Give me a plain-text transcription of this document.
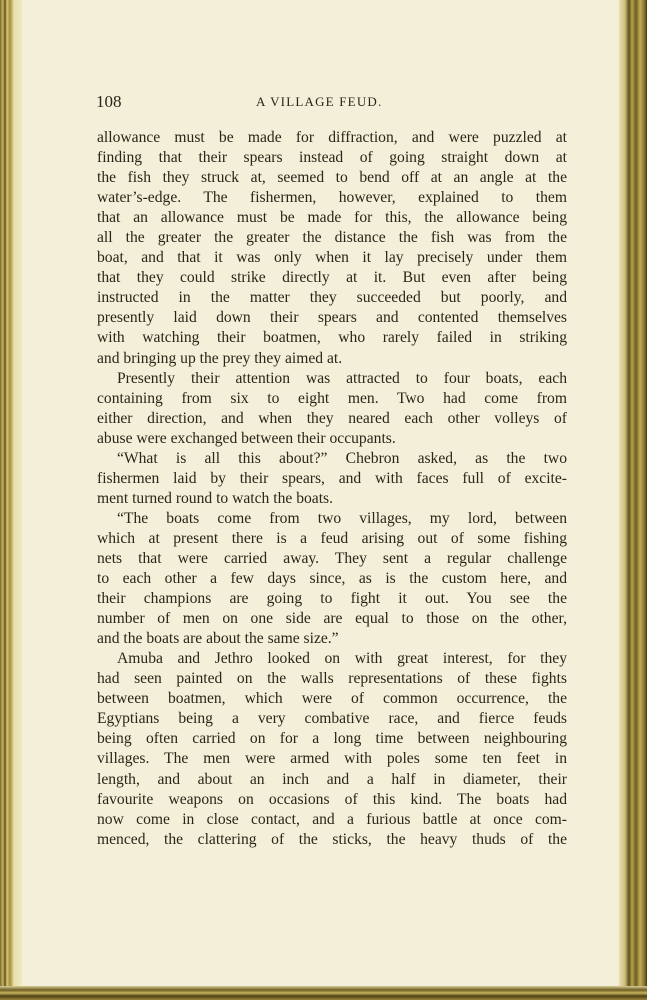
108	A VILLAGE FEUD.
allowance must be made for diffraction, and were puzzled at
finding that their spears instead of going straight down at
the fish they struck at, seemed to bend off at an angle at the
water’s-edge. The fishermen, however, explained to them
that an allowance must be made for this, the allowance being
all the greater the greater the distance the fish was from the
boat, and that it was only when it lay precisely under them
that they could strike directly at it. But even after being
instructed in the matter they succeeded but poorly, and
presently laid down their spears and contented themselves
with watching their boatmen, who rarely failed in striking
and bringing up the prey they aimed at.
Presently their attention was attracted to four boats, each
containing from six to eight men. Two had come from
either direction, and when they neared each other volleys of
abuse were exchanged between their occupants.
“What is all this about?” Chebron asked, as the two
fishermen laid by their spears, and with faces full of excite-
ment turned round to watch the boats.
“The boats come from two villages, my lord, between
which at present there is a feud arising out of some fishing
nets that were carried away. They sent a regular challenge
to each other a few days since, as is the custom here, and
their champions are going to fight it out. You see the
number of men on one side are equal to those on the other,
and the boats are about the same size.”
Amuba and Jethro looked on with great interest, for they
had seen painted on the walls representations of these fights
between boatmen, which were of common occurrence, the
Egyptians being a very combative race, and fierce feuds
being often carried on for a long time between neighbouring
villages. The men were armed with poles some ten feet in
length, and about an inch and a half in diameter, their
favourite weapons on occasions of this kind. The boats had
now come in close contact, and a furious battle at once com-
menced, the clattering of the sticks, the heavy thuds of the
